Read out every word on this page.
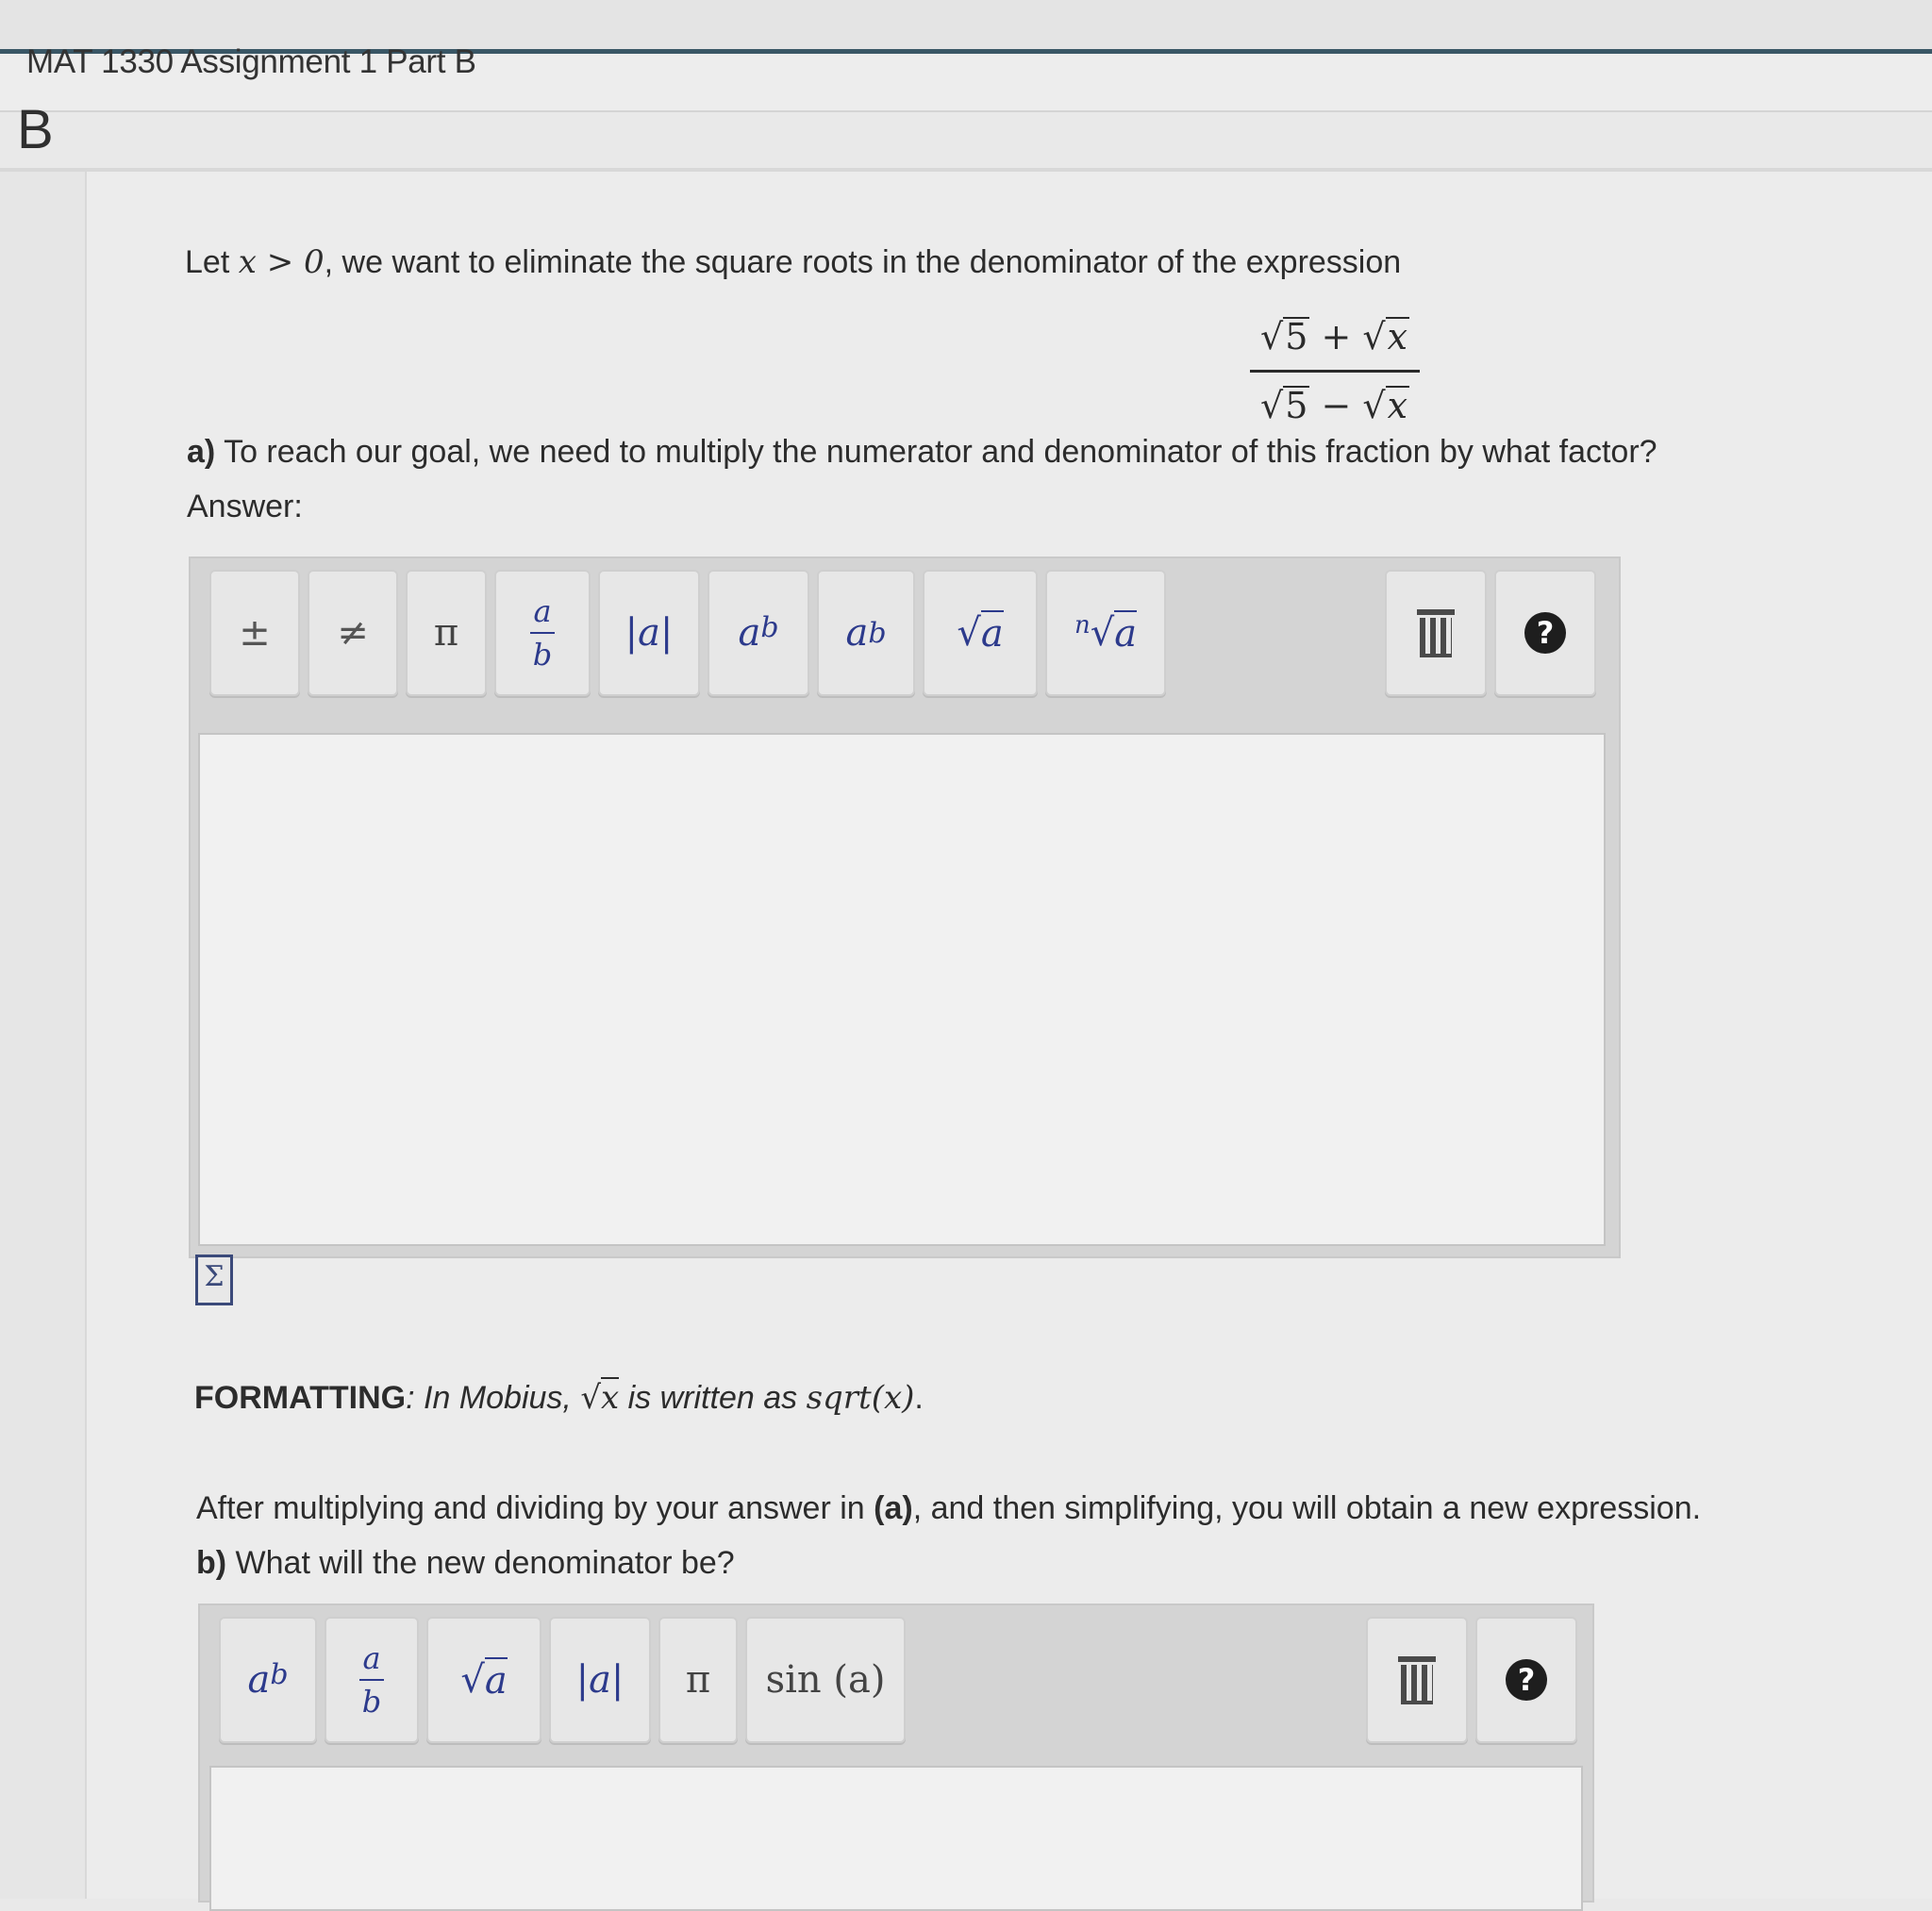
MAT 1330 Assignment 1 Part B
B
Let x > 0, we want to eliminate the square roots in the denominator of the expression
√5 + √x
√5 − √x
a) To reach our goal, we need to multiply the numerator and denominator of this fraction by what factor?
Answer:
±	≠	π	a
b	|a|	$a^b$ a b √ a	$^n$ √ a	?
Σ
FORMATTING: In Mobius, √x is written as sqrt(x).
After multiplying and dividing by your answer in (a), and then simplifying, you will obtain a new expression.
b) What will the new denominator be?
$a^b$ a
b √ a	|a|	π	sin (a)	?
